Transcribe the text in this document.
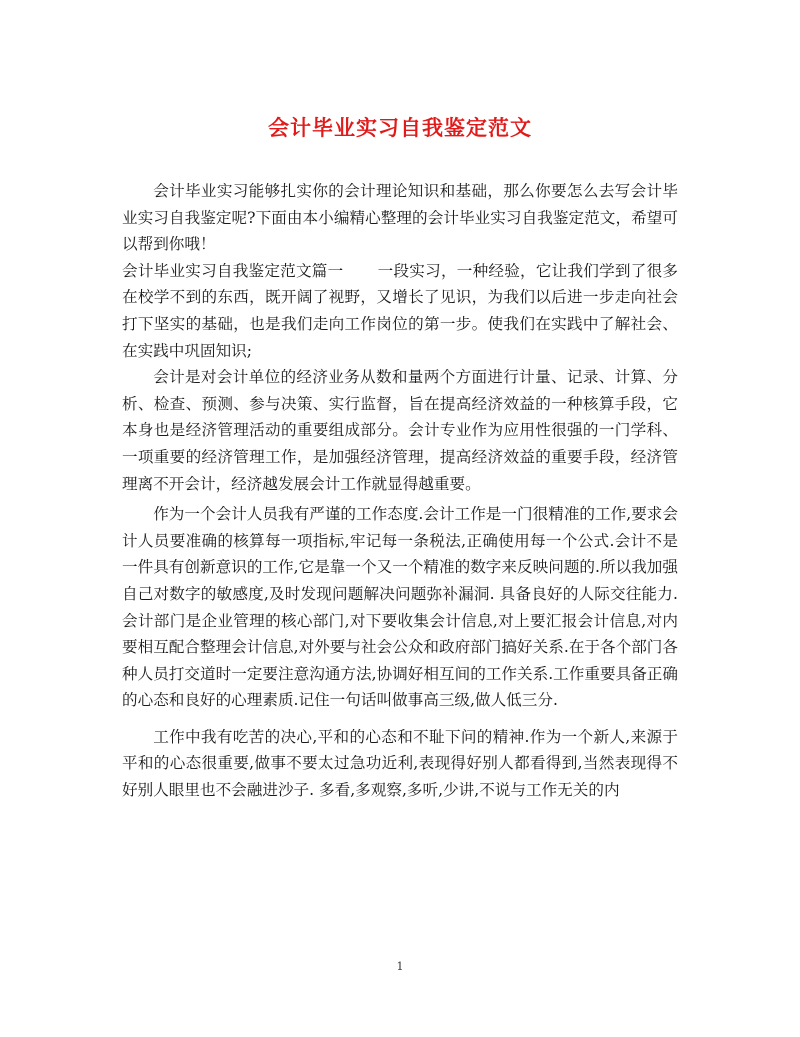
会计毕业实习自我鉴定范文

会计毕业实习能够扎实你的会计理论知识和基础，那么你要怎么去写会计毕业实习自我鉴定呢?下面由本小编精心整理的会计毕业实习自我鉴定范文，希望可以帮到你哦！

会计毕业实习自我鉴定范文篇一 一段实习，一种经验，它让我们学到了很多在校学不到的东西，既开阔了视野，又增长了见识，为我们以后进一步走向社会打下坚实的基础，也是我们走向工作岗位的第一步。使我们在实践中了解社会、在实践中巩固知识;

会计是对会计单位的经济业务从数和量两个方面进行计量、记录、计算、分析、检查、预测、参与决策、实行监督，旨在提高经济效益的一种核算手段，它本身也是经济管理活动的重要组成部分。会计专业作为应用性很强的一门学科、一项重要的经济管理工作，是加强经济管理，提高经济效益的重要手段，经济管理离不开会计，经济越发展会计工作就显得越重要。

作为一个会计人员我有严谨的工作态度.会计工作是一门很精准的工作,要求会计人员要准确的核算每一项指标,牢记每一条税法,正确使用每一个公式.会计不是一件具有创新意识的工作,它是靠一个又一个精准的数字来反映问题的.所以我加强自己对数字的敏感度,及时发现问题解决问题弥补漏洞. 具备良好的人际交往能力.会计部门是企业管理的核心部门,对下要收集会计信息,对上要汇报会计信息,对内要相互配合整理会计信息,对外要与社会公众和政府部门搞好关系.在于各个部门各种人员打交道时一定要注意沟通方法,协调好相互间的工作关系.工作重要具备正确的心态和良好的心理素质.记住一句话叫做事高三级,做人低三分.

工作中我有吃苦的决心,平和的心态和不耻下问的精神.作为一个新人,来源于 平和的心态很重要,做事不要太过急功近利,表现得好别人都看得到,当然表现得不好别人眼里也不会融进沙子. 多看,多观察,多听,少讲,不说与工作无关的内

1
